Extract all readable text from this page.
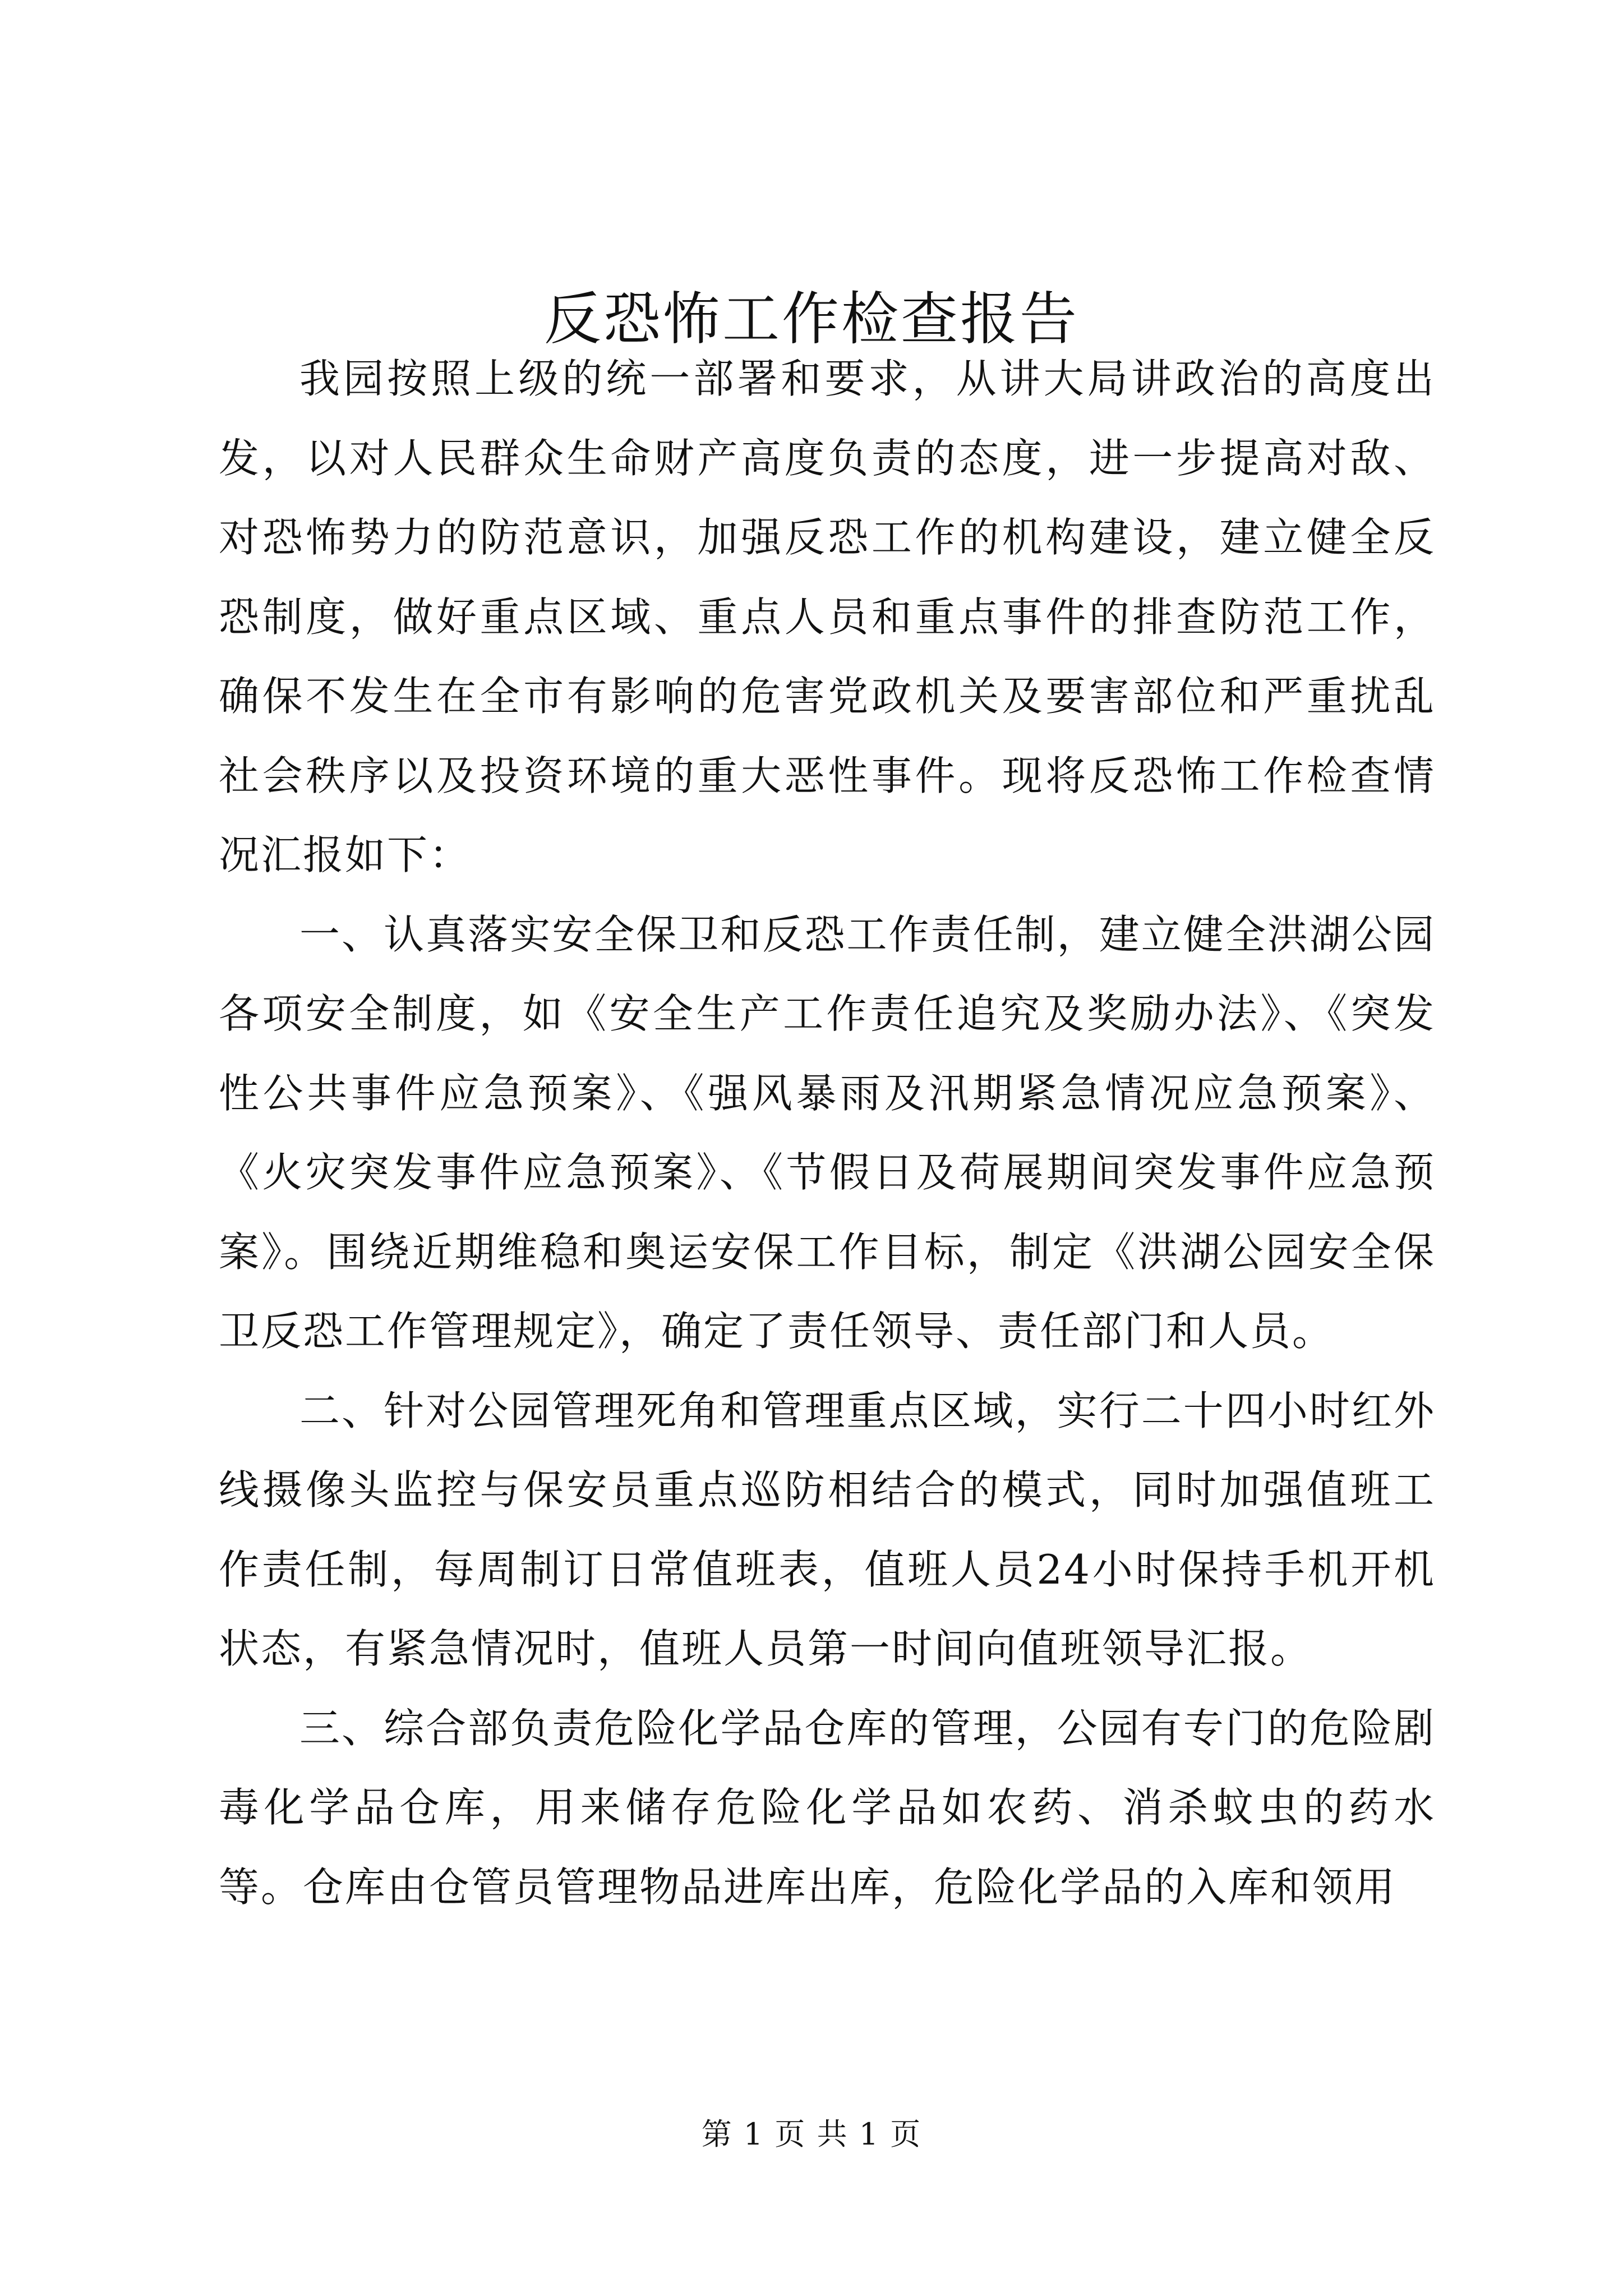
反恐怖工作检查报告

我园按照上级的统一部署和要求，从讲大局讲政治的高度出发，以对人民群众生命财产高度负责的态度，进一步提高对敌、对恐怖势力的防范意识，加强反恐工作的机构建设，建立健全反恐制度，做好重点区域、重点人员和重点事件的排查防范工作，确保不发生在全市有影响的危害党政机关及要害部位和严重扰乱社会秩序以及投资环境的重大恶性事件。现将反恐怖工作检查情况汇报如下：

一、认真落实安全保卫和反恐工作责任制，建立健全洪湖公园各项安全制度，如《安全生产工作责任追究及奖励办法》、《突发性公共事件应急预案》、《强风暴雨及汛期紧急情况应急预案》、《火灾突发事件应急预案》、《节假日及荷展期间突发事件应急预案》。围绕近期维稳和奥运安保工作目标，制定《洪湖公园安全保卫反恐工作管理规定》，确定了责任领导、责任部门和人员。

二、针对公园管理死角和管理重点区域，实行二十四小时红外线摄像头监控与保安员重点巡防相结合的模式，同时加强值班工作责任制，每周制订日常值班表，值班人员24小时保持手机开机状态，有紧急情况时，值班人员第一时间向值班领导汇报。

三、综合部负责危险化学品仓库的管理，公园有专门的危险剧毒化学品仓库，用来储存危险化学品如农药、消杀蚊虫的药水等。仓库由仓管员管理物品进库出库，危险化学品的入库和领用

第 1 页 共 1 页
